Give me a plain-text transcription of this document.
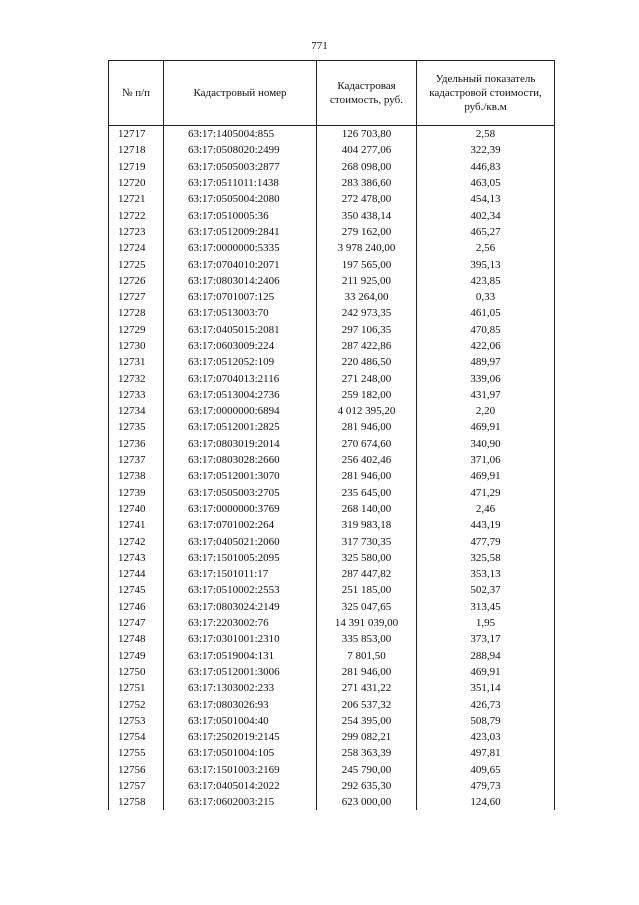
771
№ п/п	Кадастровый номер	Кадастровая стоимость, руб.	Удельный показатель кадастровой стоимости, руб./кв.м
12717	63:17:1405004:855	126 703,80	2,58
12718	63:17:0508020:2499	404 277,06	322,39
12719	63:17:0505003:2877	268 098,00	446,83
12720	63:17:0511011:1438	283 386,60	463,05
12721	63:17:0505004:2080	272 478,00	454,13
12722	63:17:0510005:36	350 438,14	402,34
12723	63:17:0512009:2841	279 162,00	465,27
12724	63:17:0000000:5335	3 978 240,00	2,56
12725	63:17:0704010:2071	197 565,00	395,13
12726	63:17:0803014:2406	211 925,00	423,85
12727	63:17:0701007:125	33 264,00	0,33
12728	63:17:0513003:70	242 973,35	461,05
12729	63:17:0405015:2081	297 106,35	470,85
12730	63:17:0603009:224	287 422,86	422,06
12731	63:17:0512052:109	220 486,50	489,97
12732	63:17:0704013:2116	271 248,00	339,06
12733	63:17:0513004:2736	259 182,00	431,97
12734	63:17:0000000:6894	4 012 395,20	2,20
12735	63:17:0512001:2825	281 946,00	469,91
12736	63:17:0803019:2014	270 674,60	340,90
12737	63:17:0803028:2660	256 402,46	371,06
12738	63:17:0512001:3070	281 946,00	469,91
12739	63:17:0505003:2705	235 645,00	471,29
12740	63:17:0000000:3769	268 140,00	2,46
12741	63:17:0701002:264	319 983,18	443,19
12742	63:17:0405021:2060	317 730,35	477,79
12743	63:17:1501005:2095	325 580,00	325,58
12744	63:17:1501011:17	287 447,82	353,13
12745	63:17:0510002:2553	251 185,00	502,37
12746	63:17:0803024:2149	325 047,65	313,45
12747	63:17:2203002:76	14 391 039,00	1,95
12748	63:17:0301001:2310	335 853,00	373,17
12749	63:17:0519004:131	7 801,50	288,94
12750	63:17:0512001:3006	281 946,00	469,91
12751	63:17:1303002:233	271 431,22	351,14
12752	63:17:0803026:93	206 537,32	426,73
12753	63:17:0501004:40	254 395,00	508,79
12754	63:17:2502019:2145	299 082,21	423,03
12755	63:17:0501004:105	258 363,39	497,81
12756	63:17:1501003:2169	245 790,00	409,65
12757	63:17:0405014:2022	292 635,30	479,73
12758	63:17:0602003:215	623 000,00	124,60
